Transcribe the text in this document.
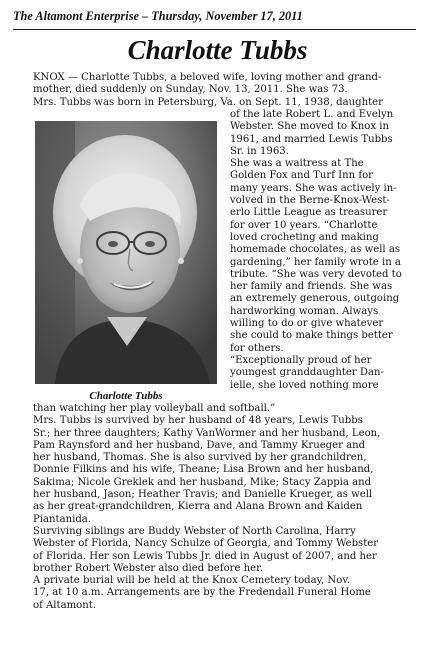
The Altamont Enterprise – Thursday, November 17, 2011
Charlotte Tubbs

KNOX — Charlotte Tubbs, a beloved wife, loving mother and grand-
mother, died suddenly on Sunday, Nov. 13, 2011. She was 73.
Mrs. Tubbs was born in Petersburg, Va. on Sept. 11, 1938, daughter

Charlotte Tubbs

of the late Robert L. and Evelyn
Webster. She moved to Knox in
1961, and married Lewis Tubbs
Sr. in 1963.
She was a waitress at The
Golden Fox and Turf Inn for
many years. She was actively in-
volved in the Berne-Knox-West-
erlo Little League as treasurer
for over 10 years. “Charlotte
loved crocheting and making
homemade chocolates, as well as
gardening,” her family wrote in a
tribute. “She was very devoted to
her family and friends. She was
an extremely generous, outgoing
hardworking woman. Always
willing to do or give whatever
she could to make things better
for others.
“Exceptionally proud of her
youngest granddaughter Dan-
ielle, she loved nothing more

than watching her play volleyball and softball.”
Mrs. Tubbs is survived by her husband of 48 years, Lewis Tubbs
Sr.; her three daughters; Kathy VanWormer and her husband, Leon,
Pam Raynsford and her husband, Dave, and Tammy Krueger and
her husband, Thomas. She is also survived by her grandchildren,
Donnie Filkins and his wife, Theane; Lisa Brown and her husband,
Sakima; Nicole Greklek and her husband, Mike; Stacy Zappia and
her husband, Jason; Heather Travis; and Danielle Krueger, as well
as her great-grandchildren, Kierra and Alana Brown and Kaiden
Piantanida.
Surviving siblings are Buddy Webster of North Carolina, Harry
Webster of Florida, Nancy Schulze of Georgia, and Tommy Webster
of Florida. Her son Lewis Tubbs Jr. died in August of 2007, and her
brother Robert Webster also died before her.
A private burial will be held at the Knox Cemetery today, Nov.
17, at 10 a.m. Arrangements are by the Fredendall Funeral Home
of Altamont.
